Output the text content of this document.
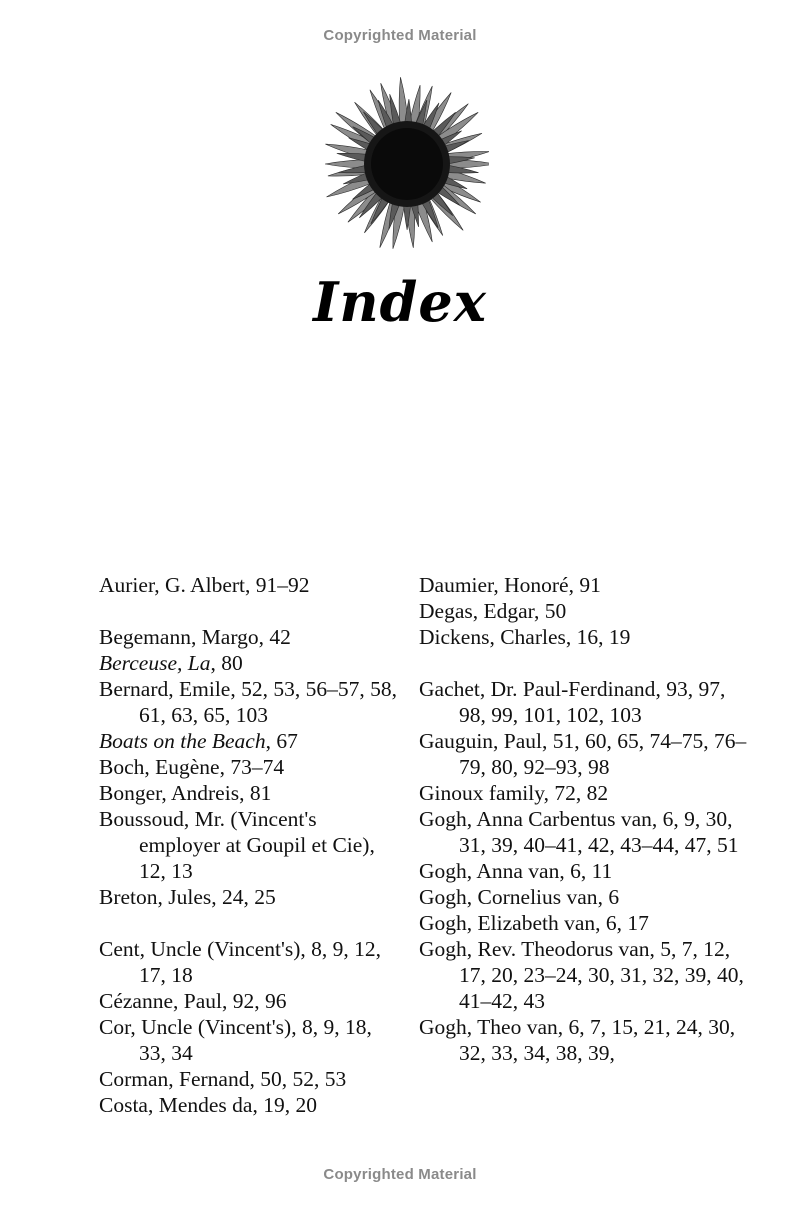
Copyrighted Material
Index

Aurier, G. Albert, 91–92

Begemann, Margo, 42

Berceuse, La, 80

Bernard, Emile, 52, 53, 56–57, 58, 61, 63, 65, 103

Boats on the Beach, 67

Boch, Eugène, 73–74

Bonger, Andreis, 81

Boussoud, Mr. (Vincent's employer at Goupil et Cie), 12, 13

Breton, Jules, 24, 25

Cent, Uncle (Vincent's), 8, 9, 12, 17, 18

Cézanne, Paul, 92, 96

Cor, Uncle (Vincent's), 8, 9, 18, 33, 34

Corman, Fernand, 50, 52, 53

Costa, Mendes da, 19, 20

Daumier, Honoré, 91

Degas, Edgar, 50

Dickens, Charles, 16, 19

Gachet, Dr. Paul-Ferdinand, 93, 97, 98, 99, 101, 102, 103

Gauguin, Paul, 51, 60, 65, 74–75, 76–79, 80, 92–93, 98

Ginoux family, 72, 82

Gogh, Anna Carbentus van, 6, 9, 30, 31, 39, 40–41, 42, 43–44, 47, 51

Gogh, Anna van, 6, 11

Gogh, Cornelius van, 6

Gogh, Elizabeth van, 6, 17

Gogh, Rev. Theodorus van, 5, 7, 12, 17, 20, 23–24, 30, 31, 32, 39, 40, 41–42, 43

Gogh, Theo van, 6, 7, 15, 21, 24, 30, 32, 33, 34, 38, 39,

Copyrighted Material
